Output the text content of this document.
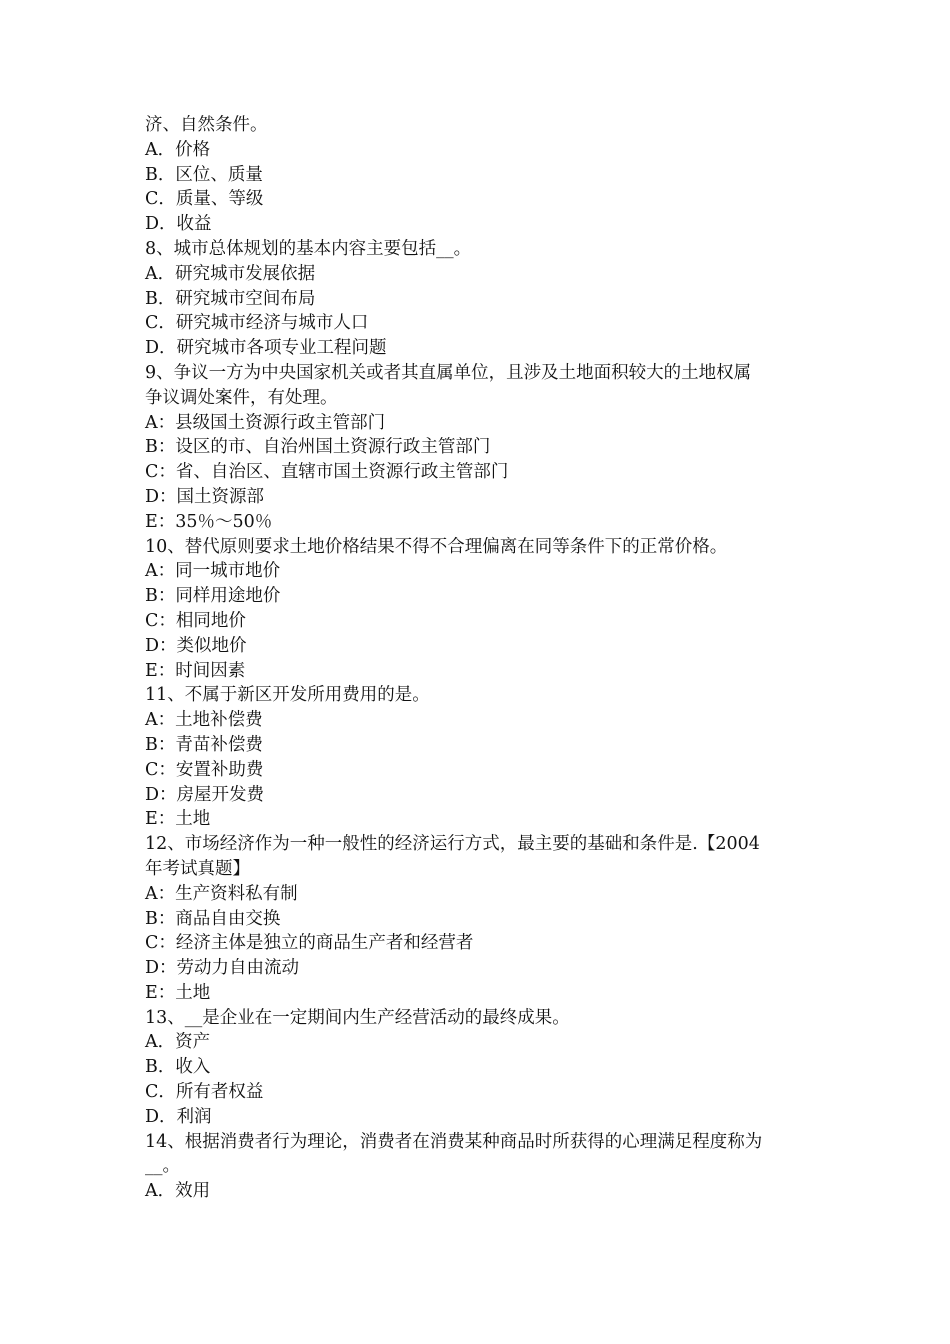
济、自然条件。
A．价格
B．区位、质量
C．质量、等级
D．收益
8、城市总体规划的基本内容主要包括__。
A．研究城市发展依据
B．研究城市空间布局
C．研究城市经济与城市人口
D．研究城市各项专业工程问题
9、争议一方为中央国家机关或者其直属单位，且涉及土地面积较大的土地权属
争议调处案件，有处理。
A：县级国土资源行政主管部门
B：设区的市、自治州国土资源行政主管部门
C：省、自治区、直辖市国土资源行政主管部门
D：国土资源部
E：35％～50％
10、替代原则要求土地价格结果不得不合理偏离在同等条件下的正常价格。
A：同一城市地价
B：同样用途地价
C：相同地价
D：类似地价
E：时间因素
11、不属于新区开发所用费用的是。
A：土地补偿费
B：青苗补偿费
C：安置补助费
D：房屋开发费
E：土地
12、市场经济作为一种一般性的经济运行方式，最主要的基础和条件是.【2004
年考试真题】
A：生产资料私有制
B：商品自由交换
C：经济主体是独立的商品生产者和经营者
D：劳动力自由流动
E：土地
13、__是企业在一定期间内生产经营活动的最终成果。
A．资产
B．收入
C．所有者权益
D．利润
14、根据消费者行为理论，消费者在消费某种商品时所获得的心理满足程度称为
__。
A．效用
